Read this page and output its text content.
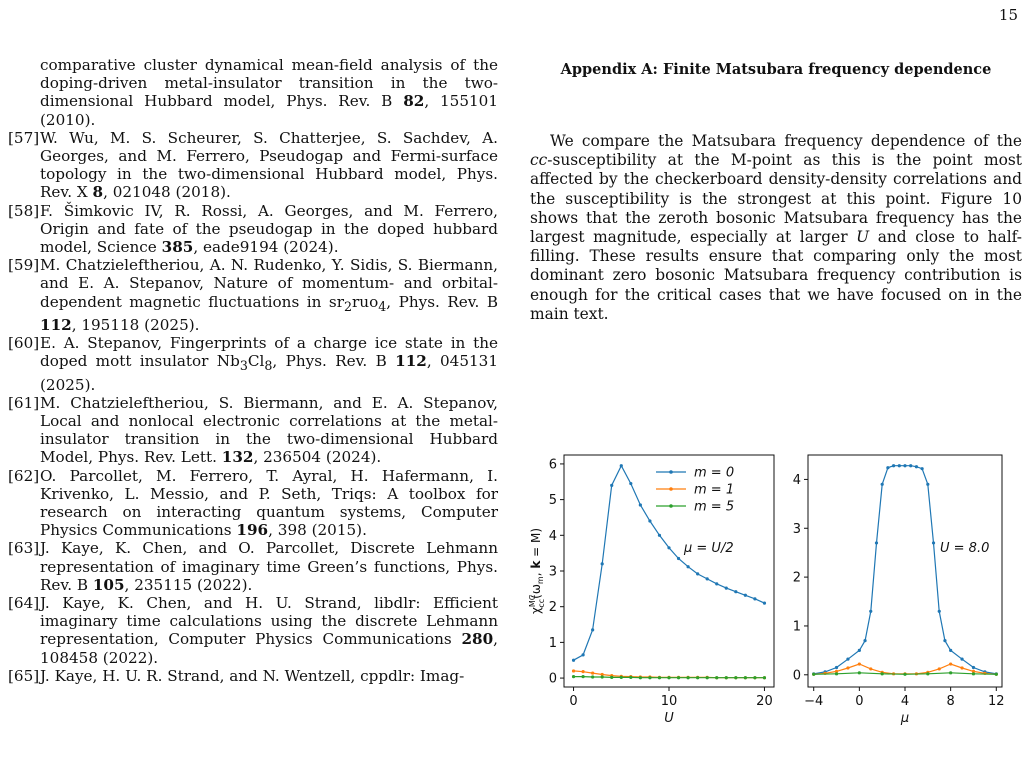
15
comparative cluster dynamical mean-field analysis of the doping-driven metal-insulator transition in the two-dimensional Hubbard model, Phys. Rev. B 82, 155101 (2010).
[57] W. Wu, M. S. Scheurer, S. Chatterjee, S. Sachdev, A. Georges, and M. Ferrero, Pseudogap and Fermi-surface topology in the two-dimensional Hubbard model, Phys. Rev. X 8, 021048 (2018).
[58] F. Šimkovic IV, R. Rossi, A. Georges, and M. Ferrero, Origin and fate of the pseudogap in the doped hubbard model, Science 385, eade9194 (2024).
[59] M. Chatzieleftheriou, A. N. Rudenko, Y. Sidis, S. Biermann, and E. A. Stepanov, Nature of momentum- and orbital-dependent magnetic fluctuations in $sr_2ruo_4$, Phys. Rev. B 112, 195118 (2025).
[60] E. A. Stepanov, Fingerprints of a charge ice state in the doped mott insulator $Nb_3Cl_8$, Phys. Rev. B 112, 045131 (2025).
[61] M. Chatzieleftheriou, S. Biermann, and E. A. Stepanov, Local and nonlocal electronic correlations at the metal-insulator transition in the two-dimensional Hubbard Model, Phys. Rev. Lett. 132, 236504 (2024).
[62] O. Parcollet, M. Ferrero, T. Ayral, H. Hafermann, I. Krivenko, L. Messio, and P. Seth, Triqs: A toolbox for research on interacting quantum systems, Computer Physics Communications 196, 398 (2015).
[63] J. Kaye, K. Chen, and O. Parcollet, Discrete Lehmann representation of imaginary time Green’s functions, Phys. Rev. B 105, 235115 (2022).
[64] J. Kaye, K. Chen, and H. U. Strand, libdlr: Efficient imaginary time calculations using the discrete Lehmann representation, Computer Physics Communications 280, 108458 (2022).
[65] J. Kaye, H. U. R. Strand, and N. Wentzell, cppdlr: Imag-
Appendix A: Finite Matsubara frequency dependence
We compare the Matsubara frequency dependence of the cc-susceptibility at the M-point as this is the point most affected by the checkerboard density-density correlations and the susceptibility is the strongest at this point. Figure 10 shows that the zeroth bosonic Matsubara frequency has the largest magnitude, especially at larger U and close to half-filling. These results ensure that comparing only the most dominant zero bosonic Matsubara frequency contribution is enough for the critical cases that we have focused on in the main text.
0	10	20
0
1
2
3
4
5
6
U
$\chi^{MC}cc(\omega_m$, k = M)	μ = U/2
m = 0
m = 1
m = 5
−4 0	4	8	12
0
1
2
3
4
μ
U = 8.0
